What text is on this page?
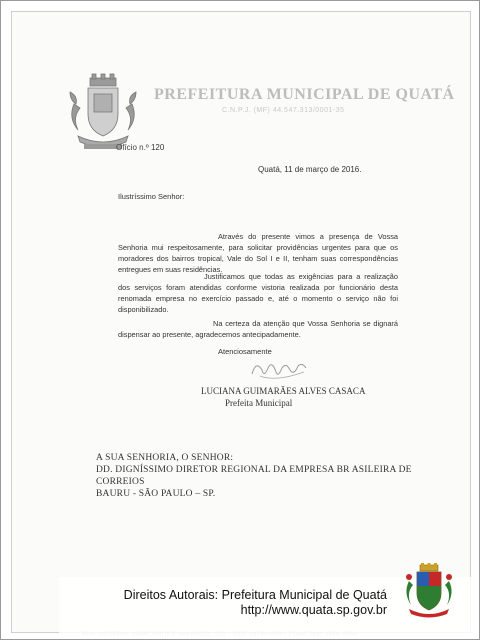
PREFEITURA MUNICIPAL DE QUATÁ
C.N.P.J. (MF) 44.547.313/0001-35
Ofício n.º 120
Quatá, 11 de março de 2016.
Ilustríssimo Senhor:
Através do presente vimos a presença de Vossa Senhoria mui respeitosamente, para solicitar providências urgentes para que os moradores dos bairros tropical, Vale do Sol I e II, tenham suas correspondências entregues em suas residências.
Justificamos que todas as exigências para a realização dos serviços foram atendidas conforme vistoria realizada por funcionário desta renomada empresa no exercício passado e, até o momento o serviço não foi disponibilizado.
Na certeza da atenção que Vossa Senhoria se dignará dispensar ao presente, agradecemos antecipadamente.
Atenciosamente
LUCIANA GUIMARÃES ALVES CASACA
Prefeita Municipal
A SUA SENHORIA, O SENHOR:
DD. DIGNÍSSIMO DIRETOR REGIONAL DA EMPRESA BR ASILEIRA DE
CORREIOS
BAURU - SÃO PAULO – SP.
Direitos Autorais: Prefeitura Municipal de Quatá
http://www.quata.sp.gov.br
